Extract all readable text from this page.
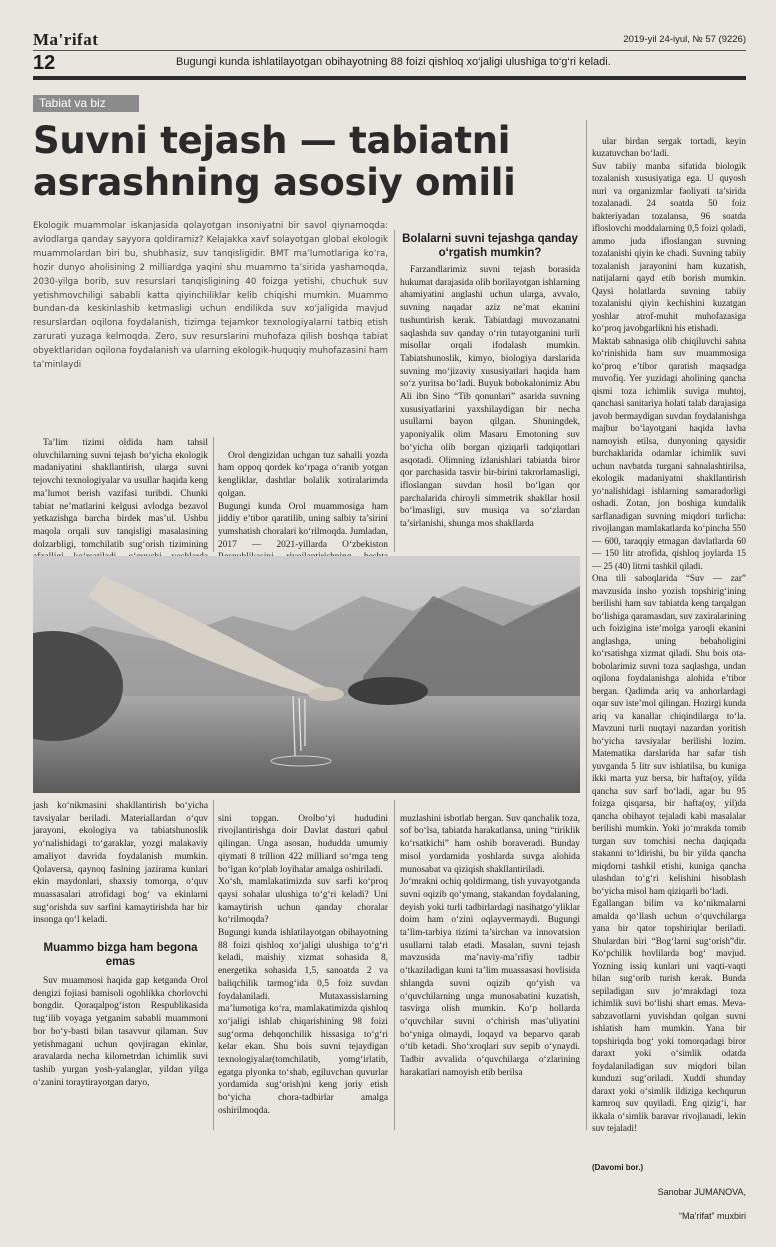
Ma'rifat	2019-yil 24-iyul, № 57 (9226)
12	Bugungi kunda ishlatilayotgan obihayotning 88 foizi qishloq xo‘jaligi ulushiga to‘g‘ri keladi.
Tabiat va biz
Suvni tejash — tabiatni asrashning asosiy omili
Ekologik muammolar iskanjasida qolayotgan insoniyatni bir savol qiynamoqda: avlodlarga qanday sayyora qoldiramiz? Kelajakka xavf solayotgan global ekologik muammolardan biri bu, shubhasiz, suv tanqisligidir. BMT ma’lumotlariga ko‘ra, hozir dunyo aholisining 2 milliardga yaqini shu muammo ta’sirida yashamoqda, 2030-yilga borib, suv resurslari tanqisligining 40 foizga yetishi, chuchuk suv yetishmovchiligi sababli katta qiyinchiliklar kelib chiqishi mumkin. Muammo bundan-da keskinlashib ketmasligi uchun endilikda suv xo‘jaligida mavjud resurslardan oqilona foydalanish, tizimga tejamkor texnologiyalarni tatbiq etish zarurati yuzaga kelmoqda. Zero, suv resurslarini muhofaza qilish boshqa tabiat obyektlaridan oqilona foydalanish va ularning ekologik-huquqiy muhofazasini ham ta’minlaydi

Ta’lim tizimi oldida ham tahsil oluvchilarning suvni tejash bo‘yicha ekologik madaniyatini shakllantirish, ularga suvni tejovchi texnologiyalar va usullar haqida keng ma’lumot berish vazifasi turibdi. Chunki tabiat ne’matlarini kelgusi avlodga bezavol yetkazishga barcha birdek mas’ul. Ushbu maqola orqali suv tanqisligi masalasining dolzarbligi, tomchilatib sug‘orish tizimining

Orol dengizidan uchgan tuz sahalli yozda ham oppoq qordek ko‘rpaga o‘ranib yotgan kengliklar, dashtlar bolalik xotiralarimda qolgan.
Bugungi kunda Orol muammosiga ham jiddiy e’tibor qaratilib, uning salbiy ta’sirini yumshatish choralari ko‘rilmoqda. Jumladan, 2017 — 2021-yillarda O‘zbekiston

Bolalarni suvni tejashga qanday o‘rgatish mumkin?

Farzandlarimiz suvni tejash borasida hukumat darajasida olib borilayotgan ishlarning ahamiyatini anglashi uchun ularga, avvalo, suvning naqadar aziz ne’mat ekanini tushuntirish kerak. Tabiatdagi muvozanatni saqlashda suv qanday o‘rin tutayotganini turli misollar orqali ifodalash mumkin. Tabiatshunoslik, kimyo, biologiya darslarida suvning mo‘jizaviy xususiyatlari haqida ham so‘z yuritsa bo‘ladi. Buyuk bobokalonimiz Abu Ali ibn Sino “Tib qonunlari” asarida suvning xususiyatlarini yaxshilaydigan bir necha usullarni bayon qilgan. Shuningdek, yaponiyalik olim Masaru Emotoning suv bo‘yicha olib borgan qiziqarli tadqiqotlari asqotadi. Olimning izlanishlari tabiatda biror qor parchasida tasvir bir-birini takrorlamasligi, ifloslangan suvdan hosil bo‘lgan qor parchalarida chiroyli simmetrik shakllar hosil bo‘lmasligi, suv musiqa va so‘zlardan ta’sirlanishi, shunga mos shakllarda

ular birdan sergak tortadi, keyin kuzatuvchan bo‘ladi.
Suv tabiiy manba sifatida biologik tozalanish xususiyatiga ega. U quyosh nuri va organizmlar faoliyati ta’sirida tozalanadi. 24 soatda 50 foiz bakteriyadan tozalansa, 96 soatda ifloslovchi moddalarning 0,5 foizi qoladi, ammo juda ifloslangan suvning tozalanishi qiyin ke chadi. Suvning tabiiy tozalanish jarayonini ham kuzatish, natijalarni qayd etib borish mumkin. Qaysi holatlarda suvning tabiiy tozalanishi qiyin kechishini kuzatgan yoshlar atrof-muhit muhofazasiga ko‘proq javobgarlikni his etishadi.
Maktab sahnasiga olib chiqiluvchi sahna ko‘rinishida ham suv muammosiga ko‘proq e’tibor qaratish maqsadga muvofiq. Yer yuzidagi aholining qancha qismi toza ichimlik suviga muhtoj, qanchasi sanitariya holati talab darajasiga javob bermaydigan suvdan foydalanishga majbur bo‘layotgani haqida lavha namoyish etilsa, dunyoning qaysidir burchaklarida odamlar ichimlik suvi uchun navbatda turgani sahnalashtirilsa, ekologik madaniyatni shakllantirish yo‘nalishidagi ishlarning samaradorligi oshadi. Zotan, jon boshiga kundalik sarflanadigan suvning miqdori turlicha: rivojlangan mamlakatlarda ko‘pincha 550 — 600, taraqqiy etmagan davlatlarda 60 — 150 litr atrofida, qishloq joylarda 15 — 25 (40) litrni tashkil qiladi.
Ona tili saboqlarida “Suv — zar” mavzusida insho yozish topshirig‘ining berilishi ham suv tabiatda keng tarqalgan bo‘lishiga qaramasdan, suv zaxiralarining uch foizigina iste’molga yaroqli ekanini anglashga, uning bebaholigini ko‘rsatishga xizmat qiladi. Shu bois ota-bobolarimiz suvni toza saqlashga, undan oqilona foydalanishga alohida e’tibor bergan. Qadimda ariq va anhorlardagi oqar suv iste’mol qilingan. Hozirgi kunda ariq va kanallar chiqindilarga to‘la. Mavzuni turli nuqtayi nazardan yoritish bo‘yicha tavsiyalar berilishi lozim. Matematika darslarida har safar tish yuvganda 5 litr suv ishlatilsa, bu kuniga ikki marta yuz bersa, bir hafta(oy, yilda qancha suv sarf bo‘ladi, agar bu 95 foizga qisqarsa, bir hafta(oy, yil)da qancha obihayot tejaladi kabi masalalar berilishi mumkin. Yoki jo‘mrakda tomib turgan suv tomchisi necha daqiqada stakanni to‘ldirishi, bu bir yilda qancha miqdorni tashkil etishi, kuniga qancha ulashdan to‘g‘ri kelishini hisoblash bo‘yicha misol ham qiziqarli bo‘ladi.
Egallangan bilim va ko‘nikmalarni amalda qo‘llash uchun o‘quvchilarga yana bir qator topshiriqlar beriladi. Shulardan biri “Bog‘larni sug‘orish”dir. Ko‘pchilik hovlilarda bog‘ mavjud. Yozning issiq kunlari uni vaqti-vaqti bilan sug‘orib turish kerak. Bunda sepiladigan suv jo‘mrakdagi toza ichimlik suvi bo‘lishi shart emas. Meva-sabzavotlarni yuvishdan qolgan suvni ishlatish ham mumkin. Yana bir topshiriqda bog‘ yoki tomorqadagi biror daraxt yoki o‘simlik odatda foydalaniladigan suv miqdori bilan kunduzi sug‘oriladi. Xuddi shunday daraxt yoki o‘simlik ildiziga kechqurun kamroq suv quyiladi. Eng qizig‘i, har ikkala o‘simlik baravar rivojlanadi, lekin suv tejaladi!

(Davomi bor.)

Sanobar JUMANOVA,

“Ma’rifat” muxbiri

jash ko‘nikmasini shakllantirish bo‘yicha tavsiyalar beriladi. Materiallardan o‘quv jarayoni, ekologiya va tabiatshunoslik yo‘nalishidagi to‘garaklar, yozgi malakaviy amaliyot davrida foydalanish mumkin. Qolaversa, qaynoq faslning jazirama kunlari ekin maydonlari, shaxsiy tomorqa, o‘quv muassasalari atrofidagi bog‘ va ekinlarni sug‘orishda suv sarfini kamaytirishda har bir insonga qo‘l keladi.

Muammo bizga ham begona emas

Suv muammosi haqida gap ketganda Orol dengizi fojiasi bamisoli ogohlikka chorlovchi bongdir. Qoraqalpog‘iston Respublikasida tug‘ilib voyaga yetganim sababli muammoni bor bo‘y-basti bilan tasavvur qilaman. Suv yetishmagani uchun qovjiragan ekinlar, aravalarda necha kilometrdan ichimlik suvi tashib yurgan yosh-yalanglar, yildan yilga o‘zanini toraytirayotgan daryo,

sini topgan. Orolbo‘yi hududini rivojlantirishga doir Davlat dasturi qabul qilingan. Unga asosan, hududda umumiy qiymati 8 trillion 422 milliard so‘mga teng bo‘lgan ko‘plab loyihalar amalga oshiriladi.
Xo‘sh, mamlakatimizda suv sarfi ko‘proq qaysi sohalar ulushiga to‘g‘ri keladi? Uni kamaytirish uchun qanday choralar ko‘rilmoqda?
Bugungi kunda ishlatilayotgan obihayotning 88 foizi qishloq xo‘jaligi ulushiga to‘g‘ri keladi, maishiy xizmat sohasida 8, energetika sohasida 1,5, sanoatda 2 va baliqchilik tarmog‘ida 0,5 foiz suvdan foydalaniladi. Mutaxassislarning ma’lumotiga ko‘ra, mamlakatimizda qishloq xo‘jaligi ishlab chiqarishining 98 foizi sug‘orma dehqonchilik hissasiga to‘g‘ri kelar ekan. Shu bois suvni tejaydigan texnologiyalar(tomchilatib, yomg‘irlatib, egatga plyonka to‘shab, egiluvchan quvurlar yordamida sug‘orish)ni keng joriy etish bo‘yicha chora-tadbirlar amalga oshirilmoqda.

muzlashini isbotlab bergan. Suv qanchalik toza, sof bo‘lsa, tabiatda harakatlansa, uning “tiriklik ko‘rsatkichi” ham oshib boraveradi. Bunday misol yordamida yoshlarda suvga alohida munosabat va qiziqish shakllantiriladi.
Jo‘mrakni ochiq qoldirmang, tish yuvayotganda suvni oqizib qo‘ymang, stakandan foydalaning, deyish yoki turli tadbirlardagi nasihatgo‘yliklar doim ham o‘zini oqlayvermaydi. Bugungi ta’lim-tarbiya tizimi ta’sirchan va innovatsion usullarni talab etadi. Masalan, suvni tejash mavzusida ma’naviy-ma’rifiy tadbir o‘tkaziladigan kuni ta’lim muassasasi hovlisida shlangda suvni oqizib qo‘yish va o‘quvchilarning unga munosabatini kuzatish, tasvirga olish mumkin. Ko‘p hollarda o‘quvchilar suvni o‘chirish mas’uliyatini bo‘yniga olmaydi, loqayd va beparvo qarab o‘tib ketadi. Sho‘xroqlari suv sepib o‘ynaydi. Tadbir avvalida o‘quvchilarga o‘zlarining harakatlari namoyish etib berilsa
